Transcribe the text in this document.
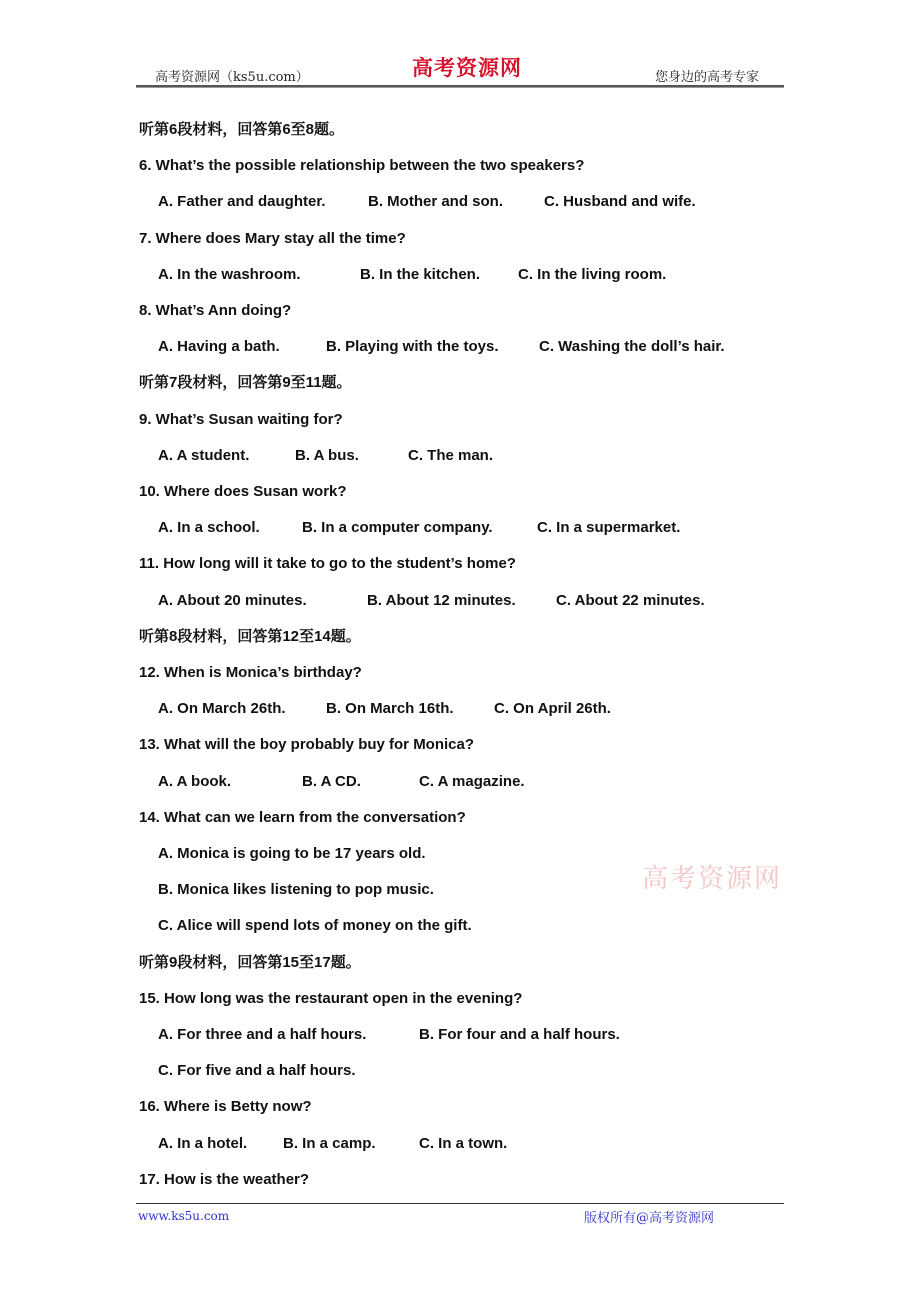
高考资源网（ks5u.com）	高考资源网	您身边的高考专家
高考资源网
听第6段材料，回答第6至8题。
6. What’s the possible relationship between the two speakers?
A. Father and daughter.	B. Mother and son.	C. Husband and wife.
7. Where does Mary stay all the time?
A. In the washroom.	B. In the kitchen.	C. In the living room.
8. What’s Ann doing?
A. Having a bath.	B. Playing with the toys.	C. Washing the doll’s hair.
听第7段材料，回答第9至11题。
9. What’s Susan waiting for?
A. A student.	B. A bus.	C. The man.
10. Where does Susan work?
A. In a school.	B. In a computer company.	C. In a supermarket.
11. How long will it take to go to the student’s home?
A. About 20 minutes.	B. About 12 minutes.	C. About 22 minutes.
听第8段材料，回答第12至14题。
12. When is Monica’s birthday?
A. On March 26th.	B. On March 16th.	C. On April 26th.
13. What will the boy probably buy for Monica?
A. A book.	B. A CD.	C. A magazine.
14. What can we learn from the conversation?
A. Monica is going to be 17 years old.
B. Monica likes listening to pop music.
C. Alice will spend lots of money on the gift.
听第9段材料，回答第15至17题。
15. How long was the restaurant open in the evening?
A. For three and a half hours.	B. For four and a half hours.
C. For five and a half hours.
16. Where is Betty now?
A. In a hotel. B. In a camp.	C. In a town.
17. How is the weather?
www.ks5u.com	版权所有@高考资源网
